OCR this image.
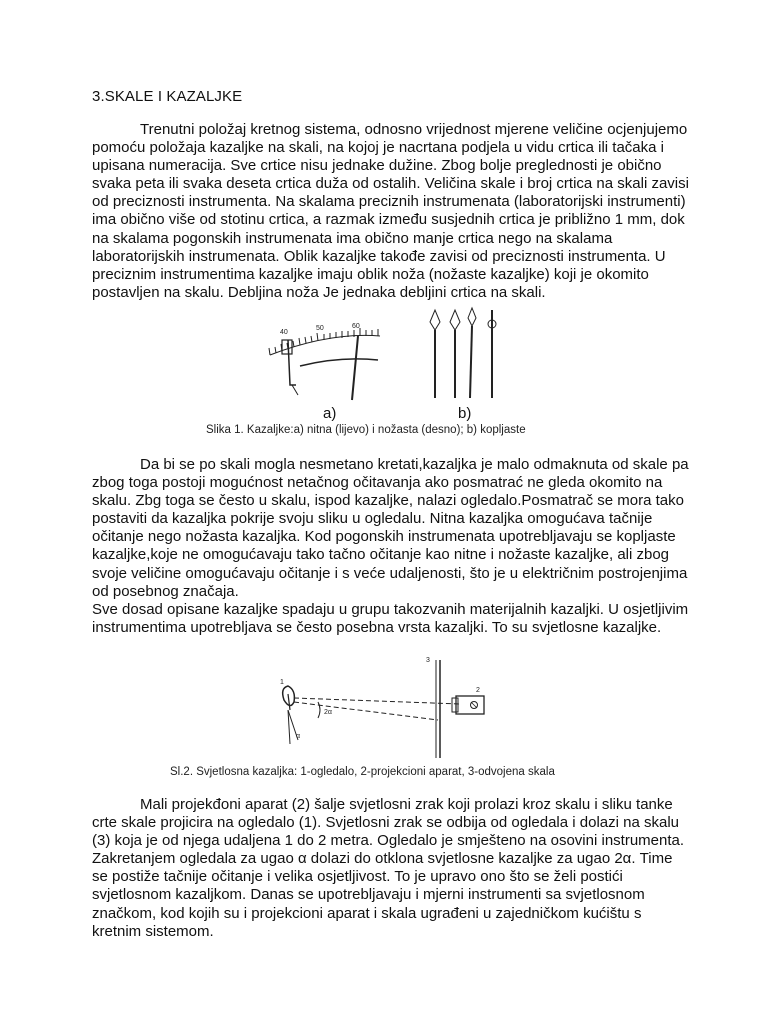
3.SKALE I KAZALJKE

Trenutni položaj kretnog sistema, odnosno vrijednost mjerene veličine ocjenjujemo pomoću položaja kazaljke na skali, na kojoj je nacrtana podjela u vidu crtica ili tačaka i upisana numeracija. Sve crtice nisu jednake dužine. Zbog bolje preglednosti je obično svaka peta ili svaka deseta crtica duža od ostalih. Veličina skale i broj crtica na skali zavisi od preciznosti instrumenta. Na skalama preciznih instrumenata (laboratorijski instrumenti) ima obično više od stotinu crtica, a razmak između susjednih crtica je približno 1 mm, dok na skalama pogonskih instrumenata ima obično manje crtica nego na skalama laboratorijskih instrumenata. Oblik kazaljke takođe zavisi od preciznosti instrumenta. U preciznim instrumentima kazaljke imaju oblik noža (nožaste kazaljke) koji je okomito postavljen na skalu. Debljina noža Je jednaka debljini crtica na skali.

40
50	60
a)	b)
Slika 1. Kazaljke:a) nitna (lijevo) i nožasta (desno); b) kopljaste

Da bi se po skali mogla nesmetano kretati,kazaljka je malo odmaknuta od skale pa zbog toga postoji mogućnost netačnog očitavanja ako posmatrać ne gleda okomito na skalu. Zbg toga se često u skalu, ispod kazaljke, nalazi ogledalo.Posmatrač se mora tako postaviti da kazaljka pokrije svoju sliku u ogledalu. Nitna kazaljka omogućava tačnije očitanje nego nožasta kazaljka. Kod pogonskih instrumenata upotrebljavaju se kopljaste kazaljke,koje ne omogućavaju tako tačno očitanje kao nitne i nožaste kazaljke, ali zbog svoje veličine omogućavaju očitanje i s veće udaljenosti, što je u električnim postrojenjima od posebnog značaja.
Sve dosad opisane kazaljke spadaju u grupu takozvanih materijalnih kazaljki. U osjetljivim instrumentima upotrebljava se često posebna vrsta kazaljki. To su svjetlosne kazaljke.

1
α
2α
3
2
Sl.2. Svjetlosna kazaljka: 1-ogledalo, 2-projekcioni aparat, 3-odvojena skala

Mali projekđoni aparat (2) šalje svjetlosni zrak koji prolazi kroz skalu i sliku tanke crte skale projicira na ogledalo (1). Svjetlosni zrak se odbija od ogledala i dolazi na skalu (3) koja je od njega udaljena 1 do 2 metra. Ogledalo je smješteno na osovini instrumenta. Zakretanjem ogledala za ugao α dolazi do otklona svjetlosne kazaljke za ugao 2α. Time se postiže tačnije očitanje i velika osjetljivost. To je upravo ono što se želi postići svjetlosnom kazaljkom. Danas se upotrebljavaju i mjerni instrumenti sa svjetlosnom značkom, kod kojih su i projekcioni aparat i skala ugrađeni u zajedničkom kućištu s kretnim sistemom.
